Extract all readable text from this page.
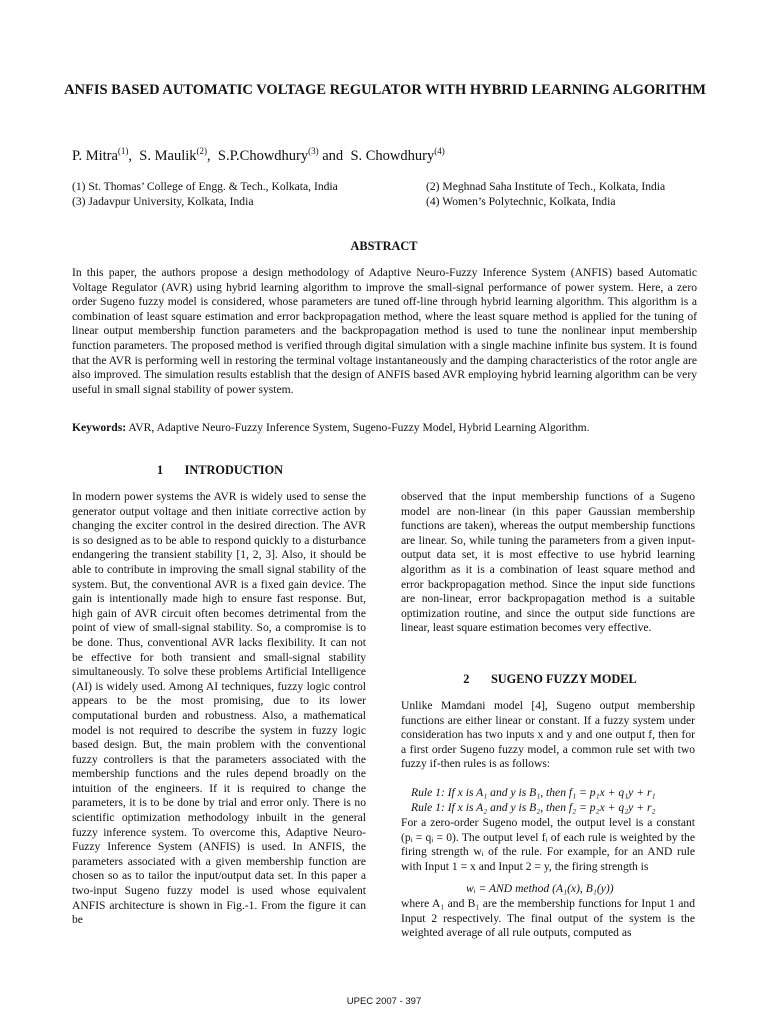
ANFIS BASED AUTOMATIC VOLTAGE REGULATOR WITH HYBRID LEARNING ALGORITHM
P. Mitra$^{(1)}$,  S. Maulik$^{(2)}$,  S.P.Chowdhury$^{(3)}$ and S. Chowdhury$^{(4)}$
(1) St. Thomas’ College of Engg. & Tech., Kolkata, India	(2) Meghnad Saha Institute of Tech., Kolkata, India
(3) Jadavpur University, Kolkata, India	(4) Women’s Polytechnic, Kolkata, India
ABSTRACT

In this paper, the authors propose a design methodology of Adaptive Neuro-Fuzzy Inference System (ANFIS) based Automatic Voltage Regulator (AVR) using hybrid learning algorithm to improve the small-signal performance of power system. Here, a zero order Sugeno fuzzy model is considered, whose parameters are tuned off-line through hybrid learning algorithm. This algorithm is a combination of least square estimation and error backpropagation method, where the least square method is applied for the tuning of linear output membership function parameters and the backpropagation method is used to tune the nonlinear input membership function parameters. The proposed method is verified through digital simulation with a single machine infinite bus system. It is found that the AVR is performing well in restoring the terminal voltage instantaneously and the damping characteristics of the rotor angle are also improved. The simulation results establish that the design of ANFIS based AVR employing hybrid learning algorithm can be very useful in small signal stability of power system.

Keywords: AVR, Adaptive Neuro-Fuzzy Inference System, Sugeno-Fuzzy Model, Hybrid Learning Algorithm.
1 INTRODUCTION

In modern power systems the AVR is widely used to sense the generator output voltage and then initiate corrective action by changing the exciter control in the desired direction. The AVR is so designed as to be able to respond quickly to a disturbance endangering the transient stability [1, 2, 3]. Also, it should be able to contribute in improving the small signal stability of the system. But, the conventional AVR is a fixed gain device. The gain is intentionally made high to ensure fast response. But, high gain of AVR circuit often becomes detrimental from the point of view of small-signal stability. So, a compromise is to be done. Thus, conventional AVR lacks flexibility. It can not be effective for both transient and small-signal stability simultaneously. To solve these problems Artificial Intelligence (AI) is widely used. Among AI techniques, fuzzy logic control appears to be the most promising, due to its lower computational burden and robustness. Also, a mathematical model is not required to describe the system in fuzzy logic based design. But, the main problem with the conventional fuzzy controllers is that the parameters associated with the membership functions and the rules depend broadly on the intuition of the engineers. If it is required to change the parameters, it is to be done by trial and error only. There is no scientific optimization methodology inbuilt in the general fuzzy inference system. To overcome this, Adaptive Neuro-Fuzzy Inference System (ANFIS) is used. In ANFIS, the parameters associated with a given membership function are chosen so as to tailor the input/output data set. In this paper a two-input Sugeno fuzzy model is used whose equivalent ANFIS architecture is shown in Fig.-1. From the figure it can be

observed that the input membership functions of a Sugeno model are non-linear (in this paper Gaussian membership functions are taken), whereas the output membership functions are linear. So, while tuning the parameters from a given input-output data set, it is most effective to use hybrid learning algorithm as it is a combination of least square method and error backpropagation method. Since the input side functions are non-linear, error backpropagation method is a suitable optimization routine, and since the output side functions are linear, least square estimation becomes very effective.

2 SUGENO FUZZY MODEL

Unlike Mamdani model [4], Sugeno output membership functions are either linear or constant. If a fuzzy system under consideration has two inputs x and y and one output f, then for a first order Sugeno fuzzy model, a common rule set with two fuzzy if-then rules is as follows:

Rule 1: If x is A₁ and y is B₁, then f₁ = p₁x + q₁y + r₁
Rule 1: If x is A₂ and y is B₂, then f₂ = p₂x + q₂y + r₂

For a zero-order Sugeno model, the output level is a constant (pᵢ = qᵢ = 0). The output level fᵢ of each rule is weighted by the firing strength wᵢ of the rule. For example, for an AND rule with Input 1 = x and Input 2 = y, the firing strength is

wᵢ = AND method (A₁(x), B₁(y))

where A₁ and B₁ are the membership functions for Input 1 and Input 2 respectively. The final output of the system is the weighted average of all rule outputs, computed as

UPEC 2007 - 397
